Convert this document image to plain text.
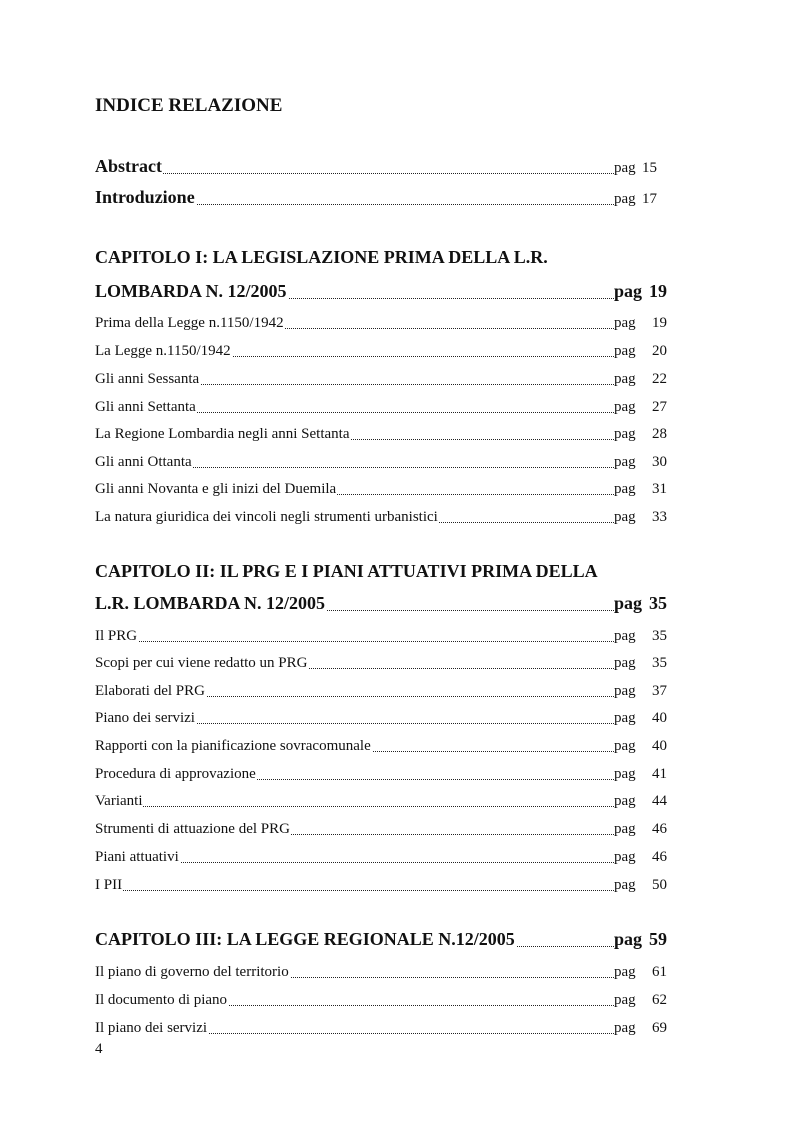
INDICE RELAZIONE
Abstract	pag 15
Introduzione	pag 17
CAPITOLO I: LA LEGISLAZIONE PRIMA DELLA L.R.
LOMBARDA N. 12/2005	pag 19
Prima della Legge n.1150/1942	pag 19
La Legge n.1150/1942	pag 20
Gli anni Sessanta	pag 22
Gli anni Settanta	pag 27
La Regione Lombardia negli anni Settanta	pag 28
Gli anni Ottanta	pag 30
Gli anni Novanta e gli inizi del Duemila	pag 31
La natura giuridica dei vincoli negli strumenti urbanistici	pag 33
CAPITOLO II: IL PRG E I PIANI ATTUATIVI PRIMA DELLA
L.R. LOMBARDA N. 12/2005	pag 35
Il PRG	pag 35
Scopi per cui viene redatto un PRG	pag 35
Elaborati del PRG	pag 37
Piano dei servizi	pag 40
Rapporti con la pianificazione sovracomunale	pag 40
Procedura di approvazione	pag 41
Varianti	pag 44
Strumenti di attuazione del PRG	pag 46
Piani attuativi	pag 46
I PII	pag 50
CAPITOLO III: LA LEGGE REGIONALE N.12/2005	pag 59
Il piano di governo del territorio	pag 61
Il documento di piano	pag 62
Il piano dei servizi	pag 69
4
